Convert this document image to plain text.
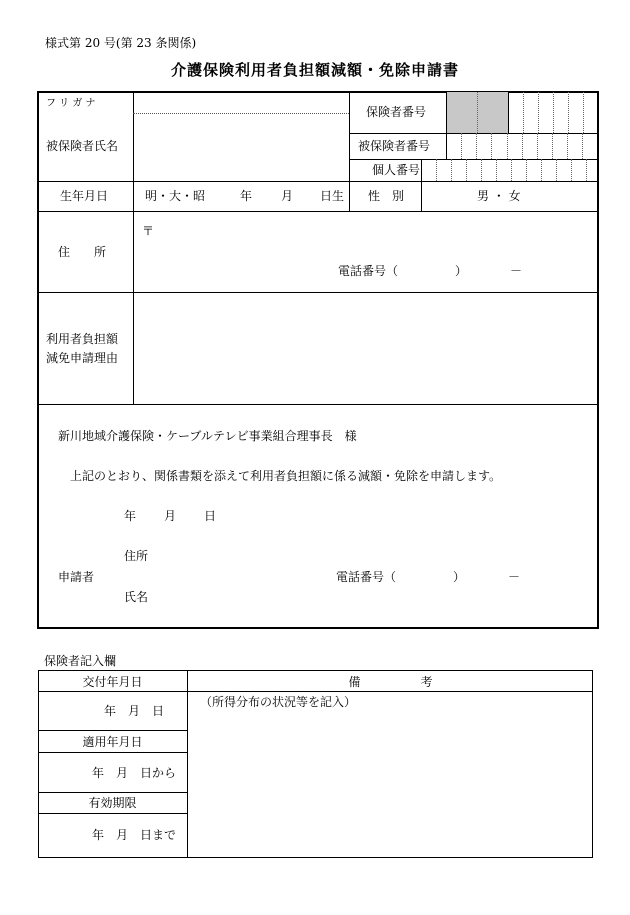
様式第 20 号(第 23 条関係)
介護保険利用者負担額減額・免除申請書
フ リ ガ ナ
被保険者氏名
保険者番号
被保険者番号
個人番号
生年月日	明・大・昭	年 月 日生 性　別	男 ・ 女
住　　所
〒
電話番号（	）	－
利用者負担額
減免申請理由
新川地域介護保険・ケーブルテレビ事業組合理事長　様
上記のとおり、関係書類を添えて利用者負担額に係る減額・免除を申請します。
年 月 日
住所
申請者	電話番号（	）	－
氏名
保険者記入欄
交付年月日	備　　　　　考
年　月　日
（所得分布の状況等を記入）
適用年月日
年　月　日から
有効期限
年　月　日まで
